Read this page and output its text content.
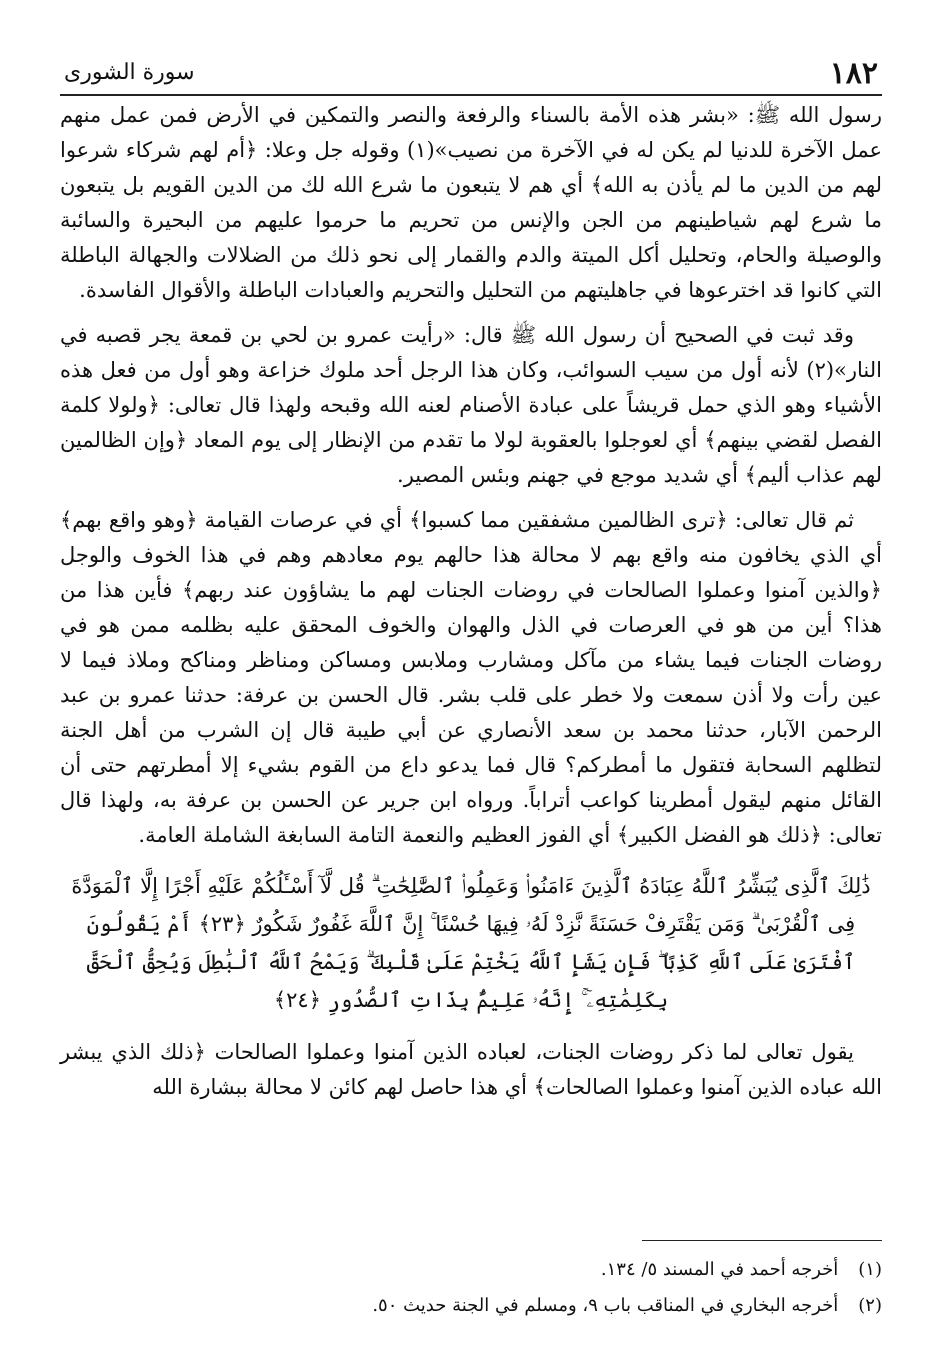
١٨٢
سورة الشورى

رسول الله ﷺ: «بشر هذه الأمة بالسناء والرفعة والنصر والتمكين في الأرض فمن عمل منهم عمل الآخرة للدنيا لم يكن له في الآخرة من نصيب»(١) وقوله جل وعلا: ﴿أم لهم شركاء شرعوا لهم من الدين ما لم يأذن به الله﴾ أي هم لا يتبعون ما شرع الله لك من الدين القويم بل يتبعون ما شرع لهم شياطينهم من الجن والإنس من تحريم ما حرموا عليهم من البحيرة والسائبة والوصيلة والحام، وتحليل أكل الميتة والدم والقمار إلى نحو ذلك من الضلالات والجهالة الباطلة التي كانوا قد اخترعوها في جاهليتهم من التحليل والتحريم والعبادات الباطلة والأقوال الفاسدة.

وقد ثبت في الصحيح أن رسول الله ﷺ قال: «رأيت عمرو بن لحي بن قمعة يجر قصبه في النار»(٢) لأنه أول من سيب السوائب، وكان هذا الرجل أحد ملوك خزاعة وهو أول من فعل هذه الأشياء وهو الذي حمل قريشاً على عبادة الأصنام لعنه الله وقبحه ولهذا قال تعالى: ﴿ولولا كلمة الفصل لقضي بينهم﴾ أي لعوجلوا بالعقوبة لولا ما تقدم من الإنظار إلى يوم المعاد ﴿وإن الظالمين لهم عذاب أليم﴾ أي شديد موجع في جهنم وبئس المصير.

ثم قال تعالى: ﴿ترى الظالمين مشفقين مما كسبوا﴾ أي في عرصات القيامة ﴿وهو واقع بهم﴾ أي الذي يخافون منه واقع بهم لا محالة هذا حالهم يوم معادهم وهم في هذا الخوف والوجل ﴿والذين آمنوا وعملوا الصالحات في روضات الجنات لهم ما يشاؤون عند ربهم﴾ فأين هذا من هذا؟ أين من هو في العرصات في الذل والهوان والخوف المحقق عليه بظلمه ممن هو في روضات الجنات فيما يشاء من مآكل ومشارب وملابس ومساكن ومناظر ومناكح وملاذ فيما لا عين رأت ولا أذن سمعت ولا خطر على قلب بشر. قال الحسن بن عرفة: حدثنا عمرو بن عبد الرحمن الآبار، حدثنا محمد بن سعد الأنصاري عن أبي طيبة قال إن الشرب من أهل الجنة لتظلهم السحابة فتقول ما أمطركم؟ قال فما يدعو داع من القوم بشيء إلا أمطرتهم حتى أن القائل منهم ليقول أمطرينا كواعب أتراباً. ورواه ابن جرير عن الحسن بن عرفة به، ولهذا قال تعالى: ﴿ذلك هو الفضل الكبير﴾ أي الفوز العظيم والنعمة التامة السابغة الشاملة العامة.

ذَٰلِكَ ٱلَّذِى يُبَشِّرُ ٱللَّهُ عِبَادَهُ ٱلَّذِينَ ءَامَنُوا۟ وَعَمِلُوا۟ ٱلصَّٰلِحَٰتِ ۗ قُل لَّآ أَسْـَٔلُكُمْ عَلَيْهِ أَجْرًا إِلَّا ٱلْمَوَدَّةَ فِى ٱلْقُرْبَىٰ ۗ وَمَن يَقْتَرِفْ حَسَنَةً نَّزِدْ لَهُۥ فِيهَا حُسْنًا ۚ إِنَّ ٱللَّهَ غَفُورٌ شَكُورٌ ﴿٢٣﴾ أَمْ يَقُولُونَ ٱفْتَرَىٰ عَلَى ٱللَّهِ كَذِبًا ۖ فَإِن يَشَإِ ٱللَّهُ يَخْتِمْ عَلَىٰ قَلْبِكَ ۗ وَيَمْحُ ٱللَّهُ ٱلْبَٰطِلَ وَيُحِقُّ ٱلْحَقَّ بِكَلِمَٰتِهِۦٓ ۚ إِنَّهُۥ عَلِيمٌۢ بِذَاتِ ٱلصُّدُورِ ﴿٢٤﴾

يقول تعالى لما ذكر روضات الجنات، لعباده الذين آمنوا وعملوا الصالحات ﴿ذلك الذي يبشر الله عباده الذين آمنوا وعملوا الصالحات﴾ أي هذا حاصل لهم كائن لا محالة ببشارة الله

(١) أخرجه أحمد في المسند ٥/ ١٣٤.
(٢) أخرجه البخاري في المناقب باب ٩، ومسلم في الجنة حديث ٥٠.
